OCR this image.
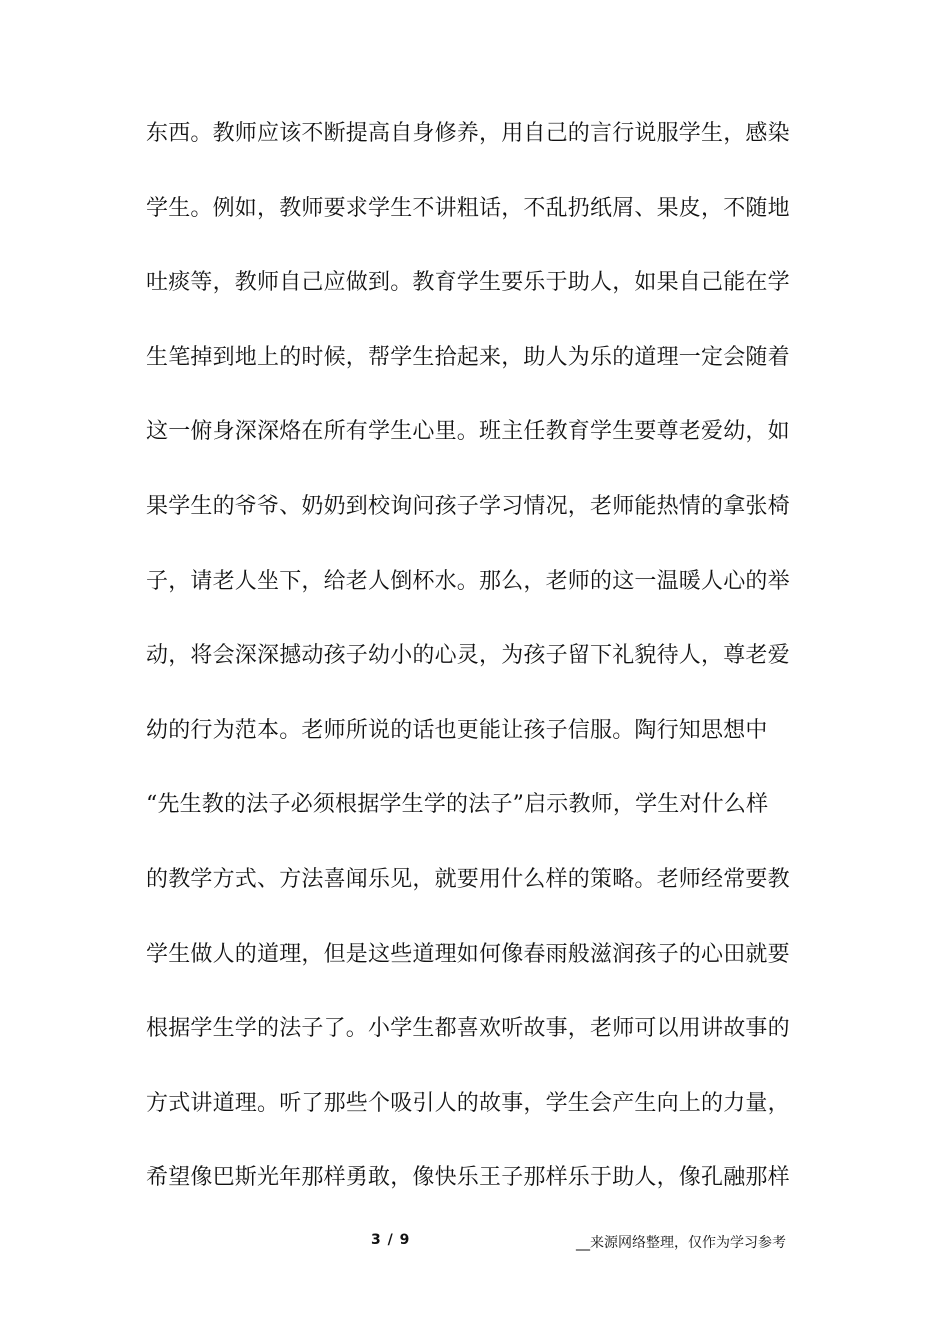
东西。教师应该不断提高自身修养，用自己的言行说服学生，感染
学生。例如，教师要求学生不讲粗话，不乱扔纸屑、果皮，不随地
吐痰等，教师自己应做到。教育学生要乐于助人，如果自己能在学
生笔掉到地上的时候，帮学生拾起来，助人为乐的道理一定会随着
这一俯身深深烙在所有学生心里。班主任教育学生要尊老爱幼，如
果学生的爷爷、奶奶到校询问孩子学习情况，老师能热情的拿张椅
子，请老人坐下，给老人倒杯水。那么，老师的这一温暖人心的举
动，将会深深撼动孩子幼小的心灵，为孩子留下礼貌待人，尊老爱
幼的行为范本。老师所说的话也更能让孩子信服。陶行知思想中
“先生教的法子必须根据学生学的法子”启示教师，学生对什么样
的教学方式、方法喜闻乐见，就要用什么样的策略。老师经常要教
学生做人的道理，但是这些道理如何像春雨般滋润孩子的心田就要
根据学生学的法子了。小学生都喜欢听故事，老师可以用讲故事的
方式讲道理。听了那些个吸引人的故事，学生会产生向上的力量，
希望像巴斯光年那样勇敢，像快乐王子那样乐于助人，像孔融那样
3 / 9	__来源网络整理，仅作为学习参考
